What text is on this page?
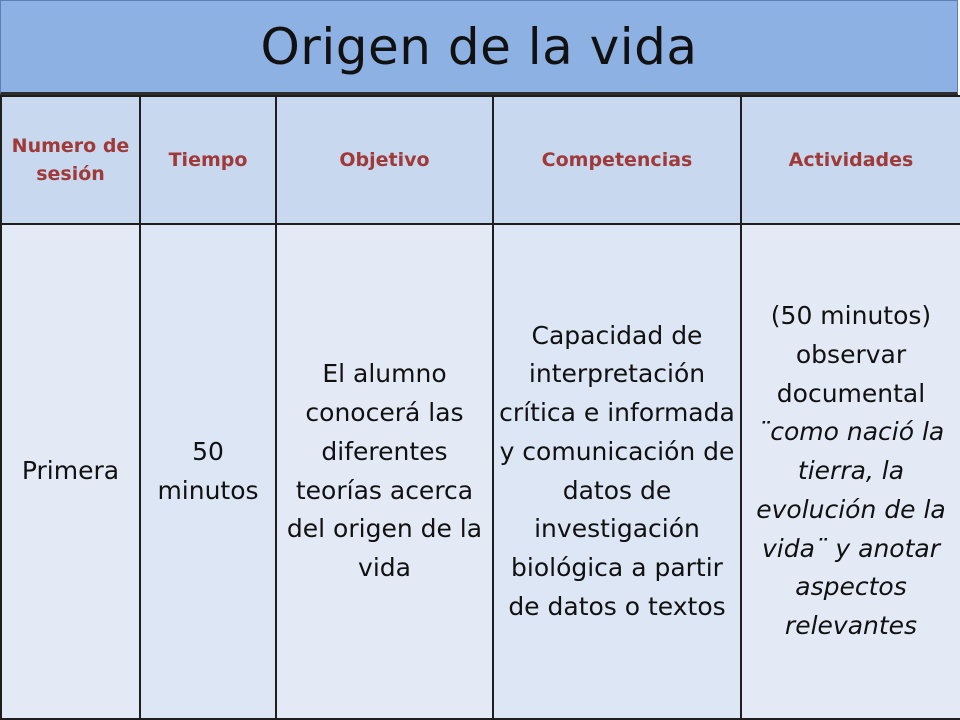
Origen de la vida
Numero de sesión	Tiempo	Objetivo	Competencias	Actividades
Primera	50 minutos	El alumno conocerá las diferentes teorías acerca del origen de la vida	Capacidad de interpretación crítica e informada y comunicación de datos de investigación biológica a partir de datos o textos	(50 minutos) observar documental ¨como nació la tierra, la evolución de la vida¨ y anotar aspectos relevantes
